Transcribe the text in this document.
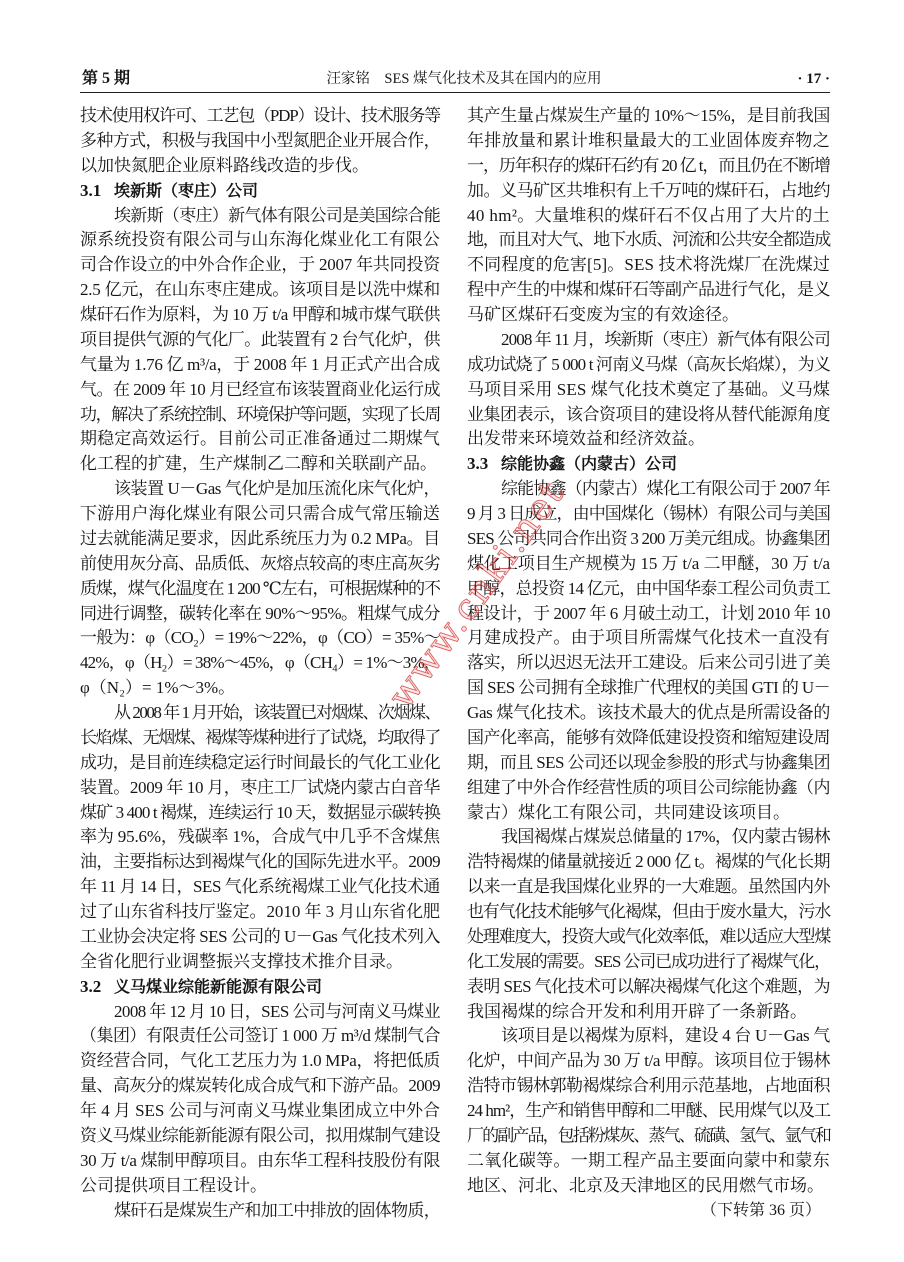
第 5 期	汪家铭　SES 煤气化技术及其在国内的应用	· 17 ·
技术使用权许可、工艺包（PDP）设计、技术服务等
多种方式，积极与我国中小型氮肥企业开展合作，
以加快氮肥企业原料路线改造的步伐。
3.1 埃新斯（枣庄）公司
埃新斯（枣庄）新气体有限公司是美国综合能
源系统投资有限公司与山东海化煤业化工有限公
司合作设立的中外合作企业，于 2007 年共同投资
2.5 亿元，在山东枣庄建成。该项目是以洗中煤和
煤矸石作为原料，为 10 万 t/a 甲醇和城市煤气联供
项目提供气源的气化厂。此装置有 2 台气化炉，供
气量为 1.76 亿 m³/a，于 2008 年 1 月正式产出合成
气。在 2009 年 10 月已经宣布该装置商业化运行成
功，解决了系统控制、环境保护等问题，实现了长周
期稳定高效运行。目前公司正准备通过二期煤气
化工程的扩建，生产煤制乙二醇和关联副产品。
该装置 U－Gas 气化炉是加压流化床气化炉，
下游用户海化煤业有限公司只需合成气常压输送
过去就能满足要求，因此系统压力为 0.2 MPa。目
前使用灰分高、品质低、灰熔点较高的枣庄高灰劣
质煤，煤气化温度在 1 200 ℃左右，可根据煤种的不
同进行调整，碳转化率在 90%～95%。粗煤气成分
一般为：φ（CO₂）= 19%～22%，φ（CO）= 35%～
42%，φ（H₂）= 38%～45%，φ（CH₄）= 1%～3%，
φ（N₂）= 1%～3%。
从 2008 年 1 月开始，该装置已对烟煤、次烟煤、
长焰煤、无烟煤、褐煤等煤种进行了试烧，均取得了
成功，是目前连续稳定运行时间最长的气化工业化
装置。2009 年 10 月，枣庄工厂试烧内蒙古白音华
煤矿 3 400 t 褐煤，连续运行 10 天，数据显示碳转换
率为 95.6%，残碳率 1%，合成气中几乎不含煤焦
油，主要指标达到褐煤气化的国际先进水平。2009
年 11 月 14 日，SES 气化系统褐煤工业气化技术通
过了山东省科技厅鉴定。2010 年 3 月山东省化肥
工业协会决定将 SES 公司的 U－Gas 气化技术列入
全省化肥行业调整振兴支撑技术推介目录。
3.2 义马煤业综能新能源有限公司
2008 年 12 月 10 日，SES 公司与河南义马煤业
（集团）有限责任公司签订 1 000 万 m³/d 煤制气合
资经营合同，气化工艺压力为 1.0 MPa，将把低质
量、高灰分的煤炭转化成合成气和下游产品。2009
年 4 月 SES 公司与河南义马煤业集团成立中外合
资义马煤业综能新能源有限公司，拟用煤制气建设
30 万 t/a 煤制甲醇项目。由东华工程科技股份有限
公司提供项目工程设计。
煤矸石是煤炭生产和加工中排放的固体物质，
其产生量占煤炭生产量的 10%～15%，是目前我国
年排放量和累计堆积量最大的工业固体废弃物之
一，历年积存的煤矸石约有 20 亿 t，而且仍在不断增
加。义马矿区共堆积有上千万吨的煤矸石，占地约
40 hm²。大量堆积的煤矸石不仅占用了大片的土
地，而且对大气、地下水质、河流和公共安全都造成
不同程度的危害[5]。SES 技术将洗煤厂在洗煤过
程中产生的中煤和煤矸石等副产品进行气化，是义
马矿区煤矸石变废为宝的有效途径。
2008 年 11 月，埃新斯（枣庄）新气体有限公司
成功试烧了 5 000 t 河南义马煤（高灰长焰煤），为义
马项目采用 SES 煤气化技术奠定了基础。义马煤
业集团表示，该合资项目的建设将从替代能源角度
出发带来环境效益和经济效益。
3.3 综能协鑫（内蒙古）公司
综能协鑫（内蒙古）煤化工有限公司于 2007 年
9 月 3 日成立，由中国煤化（锡林）有限公司与美国
SES 公司共同合作出资 3 200 万美元组成。协鑫集团
煤化工项目生产规模为 15 万 t/a 二甲醚，30 万 t/a
甲醇，总投资 14 亿元，由中国华泰工程公司负责工
程设计，于 2007 年 6 月破土动工，计划 2010 年 10
月建成投产。由于项目所需煤气化技术一直没有
落实，所以迟迟无法开工建设。后来公司引进了美
国 SES 公司拥有全球推广代理权的美国 GTI 的 U－
Gas 煤气化技术。该技术最大的优点是所需设备的
国产化率高，能够有效降低建设投资和缩短建设周
期，而且 SES 公司还以现金参股的形式与协鑫集团
组建了中外合作经营性质的项目公司综能协鑫（内
蒙古）煤化工有限公司，共同建设该项目。
我国褐煤占煤炭总储量的 17%，仅内蒙古锡林
浩特褐煤的储量就接近 2 000 亿 t。褐煤的气化长期
以来一直是我国煤化业界的一大难题。虽然国内外
也有气化技术能够气化褐煤，但由于废水量大，污水
处理难度大，投资大或气化效率低，难以适应大型煤
化工发展的需要。SES 公司已成功进行了褐煤气化，
表明 SES 气化技术可以解决褐煤气化这个难题，为
我国褐煤的综合开发和利用开辟了一条新路。
该项目是以褐煤为原料，建设 4 台 U－Gas 气
化炉，中间产品为 30 万 t/a 甲醇。该项目位于锡林
浩特市锡林郭勒褐煤综合利用示范基地，占地面积
24 hm²，生产和销售甲醇和二甲醚、民用煤气以及工
厂的副产品，包括粉煤灰、蒸气、硫磺、氢气、氩气和
二氧化碳等。一期工程产品主要面向蒙中和蒙东
地区、河北、北京及天津地区的民用燃气市场。
（下转第 36 页）
www.cnki.net
